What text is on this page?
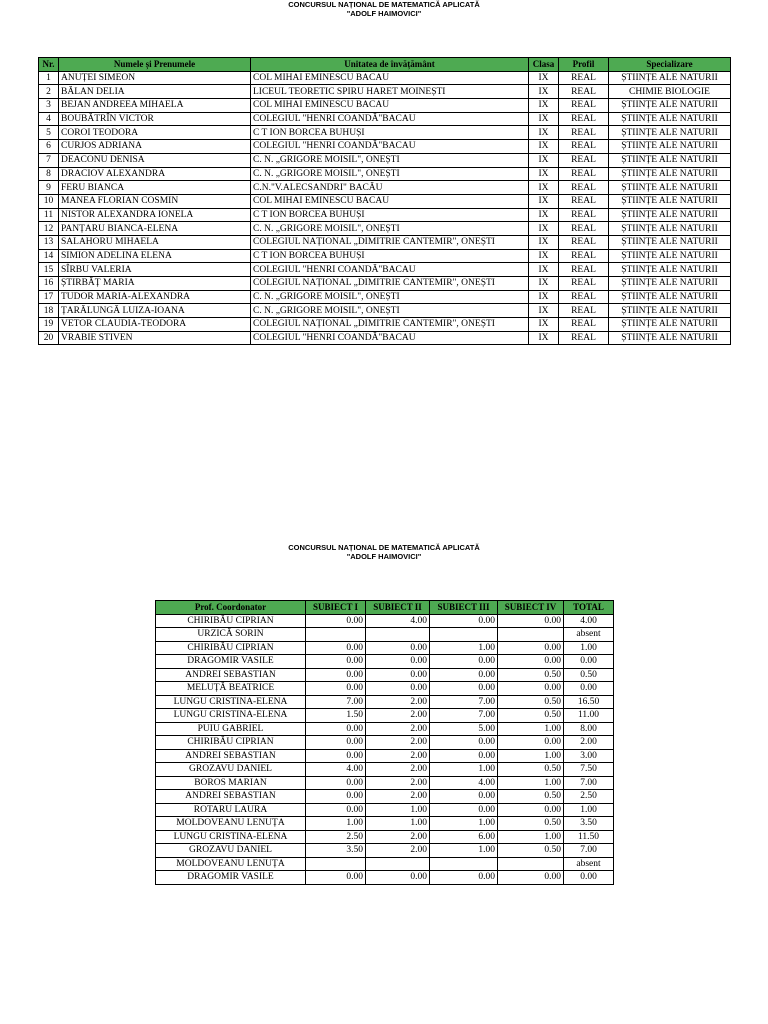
CONCURSUL NAȚIONAL DE MATEMATICĂ APLICATĂ
"ADOLF HAIMOVICI"
Nr.	Numele și Prenumele	Unitatea de învățământ	Clasa	Profil	Specializare
1	ANUȚEI SIMEON	COL MIHAI EMINESCU BACAU	IX	REAL	ȘTIINȚE ALE NATURII
2	BĂLAN DELIA	LICEUL TEORETIC SPIRU HARET MOINEȘTI	IX	REAL	CHIMIE BIOLOGIE
3	BEJAN ANDREEA MIHAELA	COL MIHAI EMINESCU BACAU	IX	REAL	ȘTIINȚE ALE NATURII
4	BOUBĂTRÎN VICTOR	COLEGIUL "HENRI COANDĂ"BACAU	IX	REAL	ȘTIINȚE ALE NATURII
5	COROI TEODORA	C T ION BORCEA BUHUȘI	IX	REAL	ȘTIINȚE ALE NATURII
6	CURJOS ADRIANA	COLEGIUL "HENRI COANDĂ"BACAU	IX	REAL	ȘTIINȚE ALE NATURII
7	DEACONU DENISA	C. N. „GRIGORE MOISIL", ONEȘTI	IX	REAL	ȘTIINȚE ALE NATURII
8	DRACIOV ALEXANDRA	C. N. „GRIGORE MOISIL", ONEȘTI	IX	REAL	ȘTIINȚE ALE NATURII
9	FERU BIANCA	C.N."V.ALECSANDRI" BACĂU	IX	REAL	ȘTIINȚE ALE NATURII
10	MANEA FLORIAN COSMIN	COL MIHAI EMINESCU BACAU	IX	REAL	ȘTIINȚE ALE NATURII
11	NISTOR ALEXANDRA IONELA	C T ION BORCEA BUHUȘI	IX	REAL	ȘTIINȚE ALE NATURII
12	PANȚARU BIANCA-ELENA	C. N. „GRIGORE MOISIL", ONEȘTI	IX	REAL	ȘTIINȚE ALE NATURII
13	SALAHORU MIHAELA	COLEGIUL NAȚIONAL „DIMITRIE CANTEMIR", ONEȘTI	IX	REAL	ȘTIINȚE ALE NATURII
14	SIMION ADELINA ELENA	C T ION BORCEA BUHUȘI	IX	REAL	ȘTIINȚE ALE NATURII
15	SÎRBU VALERIA	COLEGIUL "HENRI COANDĂ"BACAU	IX	REAL	ȘTIINȚE ALE NATURII
16	ȘTIRBĂȚ MARIA	COLEGIUL NAȚIONAL „DIMITRIE CANTEMIR", ONEȘTI	IX	REAL	ȘTIINȚE ALE NATURII
17	TUDOR MARIA-ALEXANDRA	C. N. „GRIGORE MOISIL", ONEȘTI	IX	REAL	ȘTIINȚE ALE NATURII
18	ȚARĂLUNGĂ LUIZA-IOANA	C. N. „GRIGORE MOISIL", ONEȘTI	IX	REAL	ȘTIINȚE ALE NATURII
19	VETOR CLAUDIA-TEODORA	COLEGIUL NAȚIONAL „DIMITRIE CANTEMIR", ONEȘTI	IX	REAL	ȘTIINȚE ALE NATURII
20	VRABIE STIVEN	COLEGIUL "HENRI COANDĂ"BACAU	IX	REAL	ȘTIINȚE ALE NATURII
CONCURSUL NAȚIONAL DE MATEMATICĂ APLICATĂ
"ADOLF HAIMOVICI"
Prof. Coordonator	SUBIECT I	SUBIECT II	SUBIECT III	SUBIECT IV	TOTAL
CHIRIBĂU CIPRIAN	0.00	4.00	0.00	0.00	4.00
URZICĂ SORIN					absent
CHIRIBĂU CIPRIAN	0.00	0.00	1.00	0.00	1.00
DRAGOMIR VASILE	0.00	0.00	0.00	0.00	0.00
ANDREI SEBASTIAN	0.00	0.00	0.00	0.50	0.50
MELUȚĂ BEATRICE	0.00	0.00	0.00	0.00	0.00
LUNGU CRISTINA-ELENA	7.00	2.00	7.00	0.50	16.50
LUNGU CRISTINA-ELENA	1.50	2.00	7.00	0.50	11.00
PUIU GABRIEL	0.00	2.00	5.00	1.00	8.00
CHIRIBĂU CIPRIAN	0.00	2.00	0.00	0.00	2.00
ANDREI SEBASTIAN	0.00	2.00	0.00	1.00	3.00
GROZAVU DANIEL	4.00	2.00	1.00	0.50	7.50
BOROS MARIAN	0.00	2.00	4.00	1.00	7.00
ANDREI SEBASTIAN	0.00	2.00	0.00	0.50	2.50
ROTARU LAURA	0.00	1.00	0.00	0.00	1.00
MOLDOVEANU LENUȚA	1.00	1.00	1.00	0.50	3.50
LUNGU CRISTINA-ELENA	2.50	2.00	6.00	1.00	11.50
GROZAVU DANIEL	3.50	2.00	1.00	0.50	7.00
MOLDOVEANU LENUȚA					absent
DRAGOMIR VASILE	0.00	0.00	0.00	0.00	0.00
